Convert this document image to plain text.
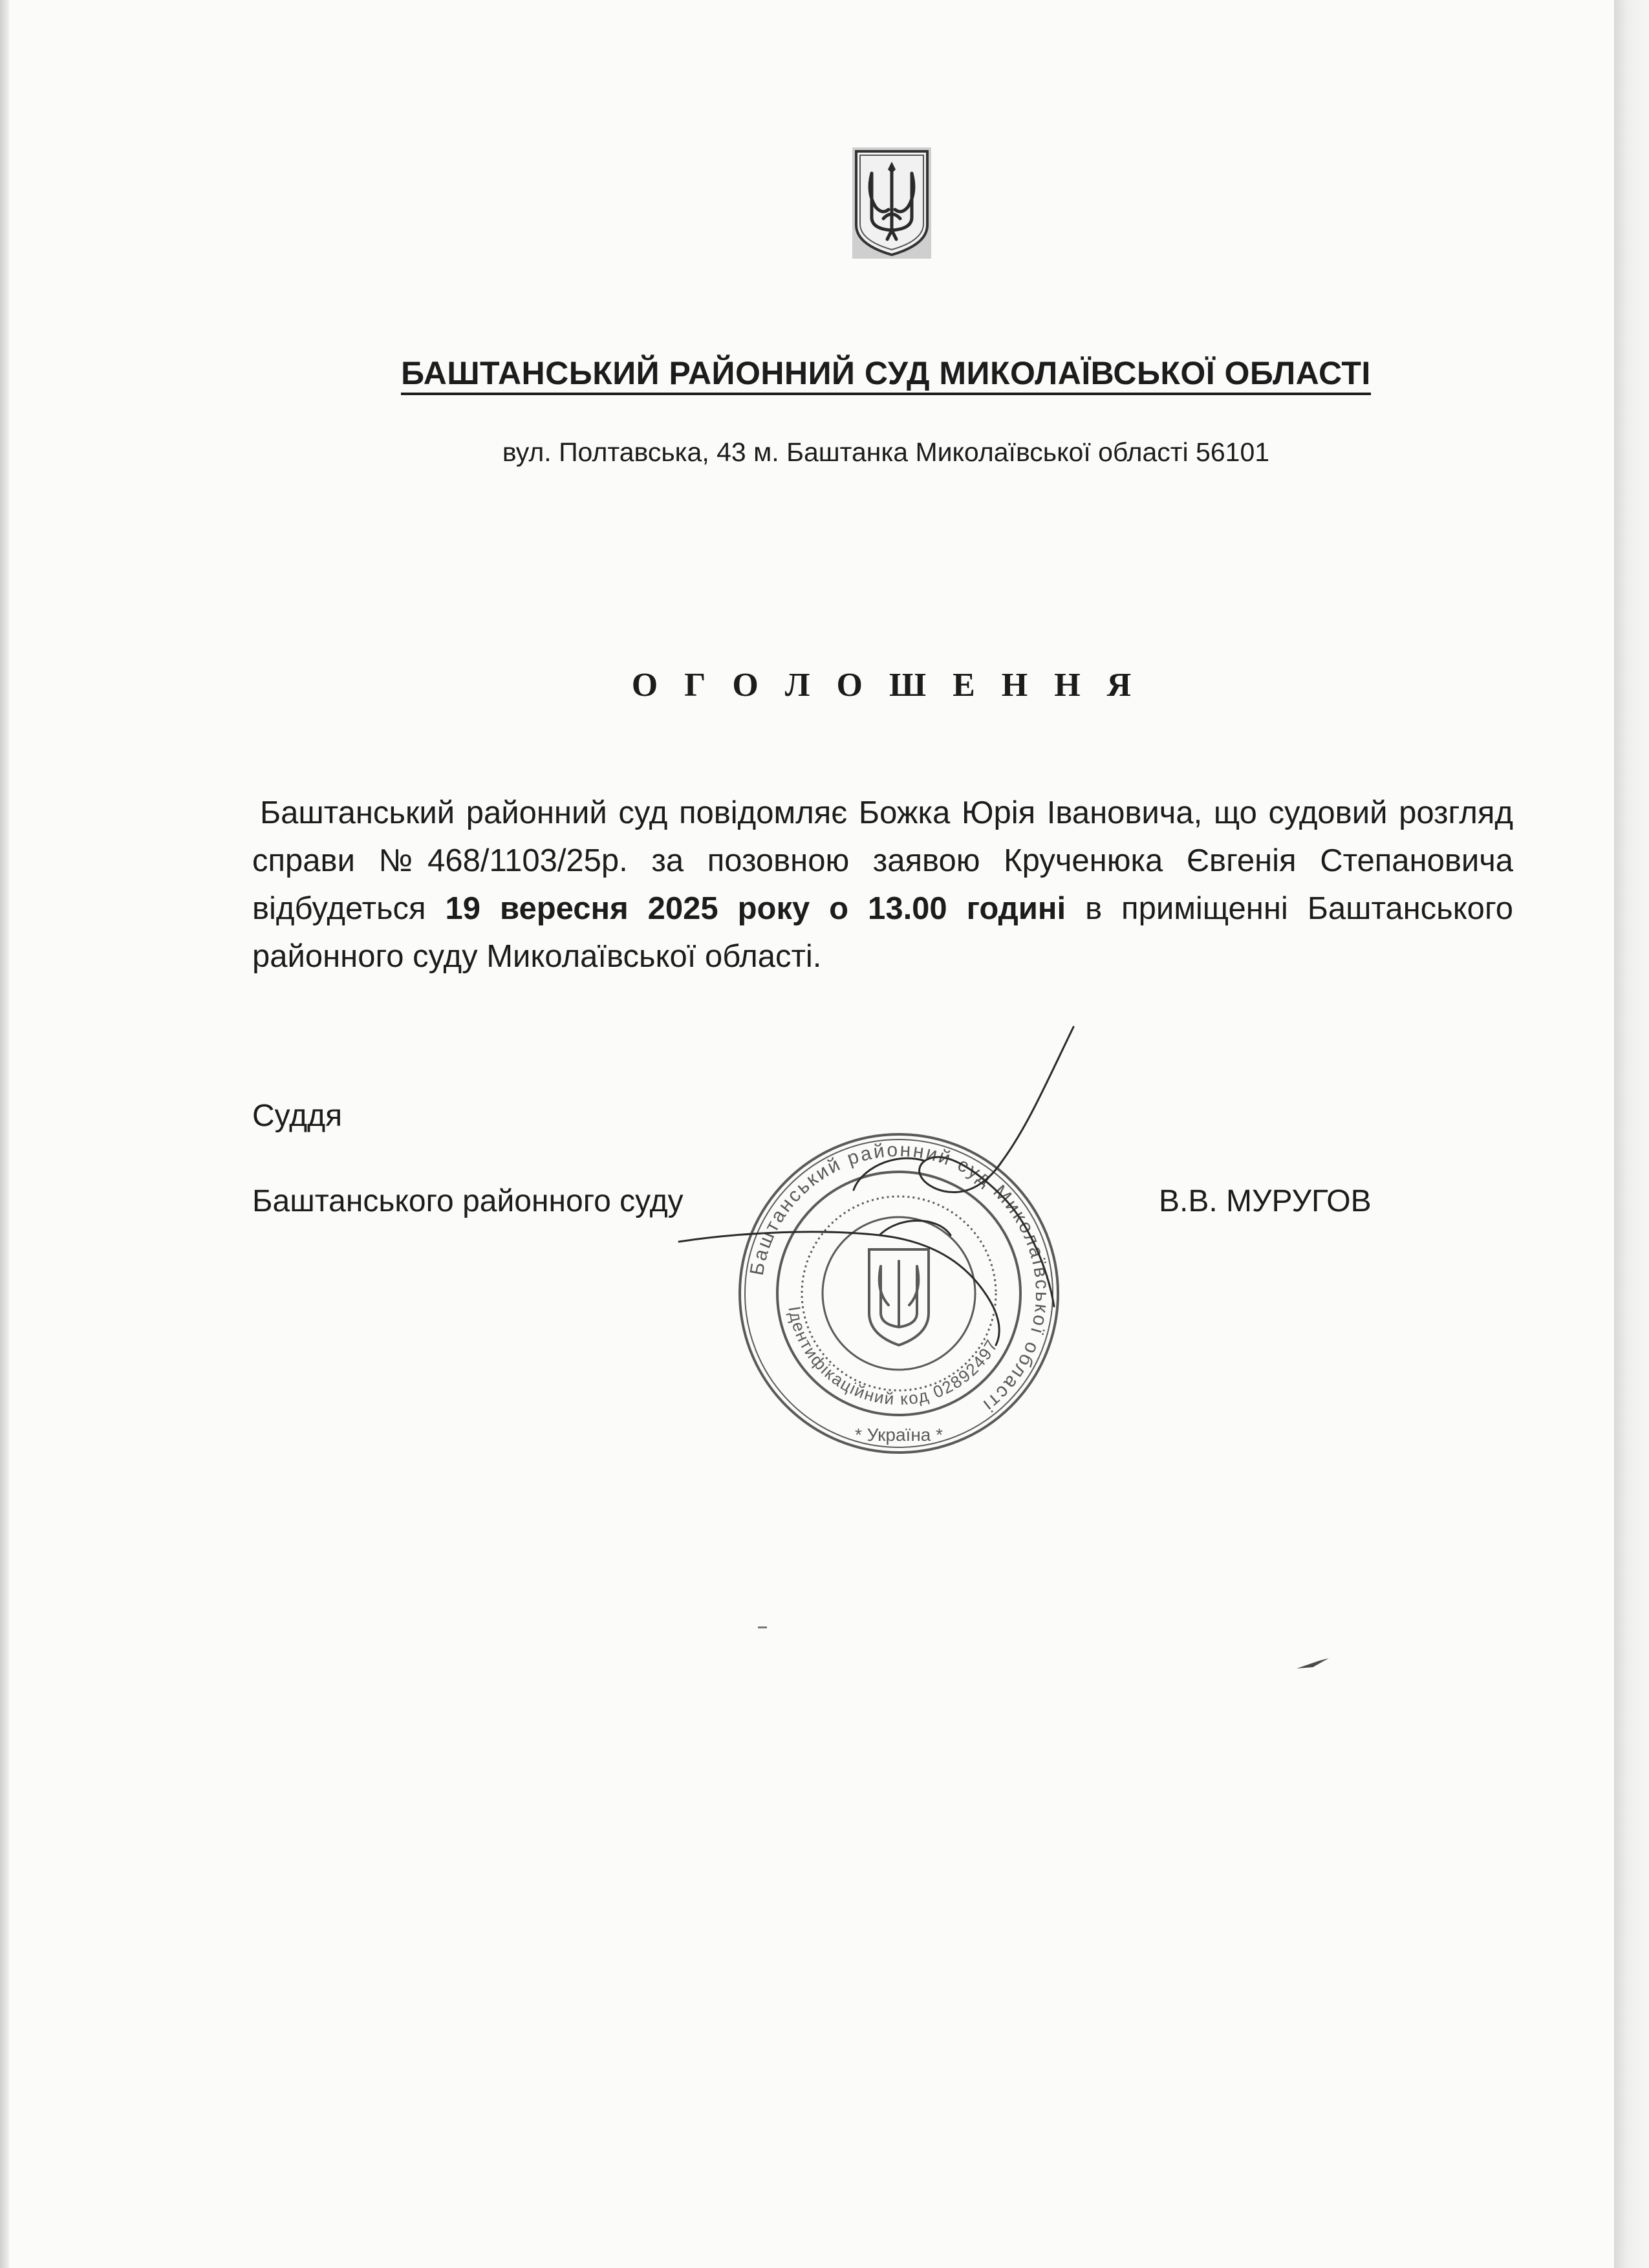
БАШТАНСЬКИЙ РАЙОННИЙ СУД МИКОЛАЇВСЬКОЇ ОБЛАСТІ
вул. Полтавська, 43 м. Баштанка Миколаївської області 56101
О Г О Л О Ш Е Н Н Я
Баштанський районний суд повідомляє Божка Юрія Івановича, що судовий розгляд справи №468/1103/25р. за позовною заявою Крученюка Євгенія Степановича відбудеться 19 вересня 2025 року о 13.00 годині в приміщенні Баштанського районного суду Миколаївської області.
Суддя
Баштанського районного суду	В.В. МУРУГОВ
Баштанський районний суд Миколаївської області
Ідентифікаційний код 02892497
* Україна *
